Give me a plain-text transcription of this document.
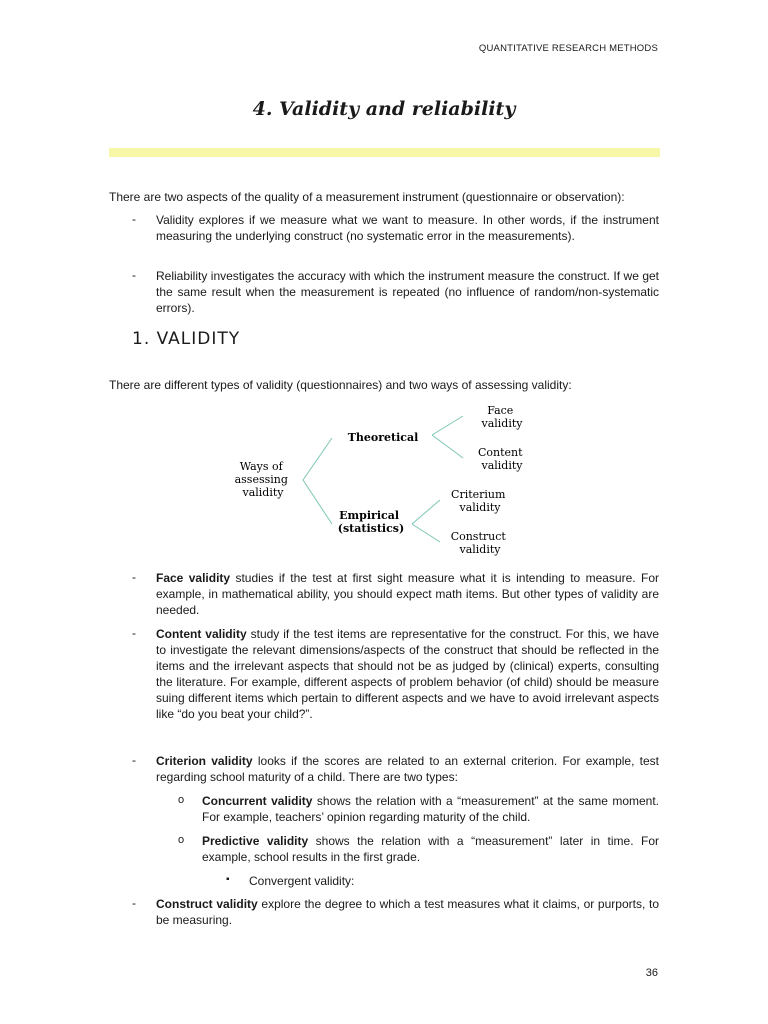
QUANTITATIVE RESEARCH METHODS
4. Validity and reliability
There are two aspects of the quality of a measurement instrument (questionnaire or observation):
- Validity explores if we measure what we want to measure. In other words, if the instrument measuring the underlying construct (no systematic error in the measurements).
- Reliability investigates the accuracy with which the instrument measure the construct. If we get the same result when the measurement is repeated (no influence of random/non-systematic errors).
1. VALIDITY
There are different types of validity (questionnaires) and two ways of assessing validity:
Ways of assessing validity
Theoretical
Empirical (statistics)
Face validity
Content validity
Criterium validity
Construct validity
- Face validity studies if the test at first sight measure what it is intending to measure. For example, in mathematical ability, you should expect math items. But other types of validity are needed.
- Content validity study if the test items are representative for the construct. For this, we have to investigate the relevant dimensions/aspects of the construct that should be reflected in the items and the irrelevant aspects that should not be as judged by (clinical) experts, consulting the literature. For example, different aspects of problem behavior (of child) should be measure suing different items which pertain to different aspects and we have to avoid irrelevant aspects like “do you beat your child?”.
- Criterion validity looks if the scores are related to an external criterion. For example, test regarding school maturity of a child. There are two types:
o Concurrent validity shows the relation with a “measurement” at the same moment. For example, teachers’ opinion regarding maturity of the child.
o Predictive validity shows the relation with a “measurement” later in time. For example, school results in the first grade.
▪ Convergent validity:
- Construct validity explore the degree to which a test measures what it claims, or purports, to be measuring.
36
